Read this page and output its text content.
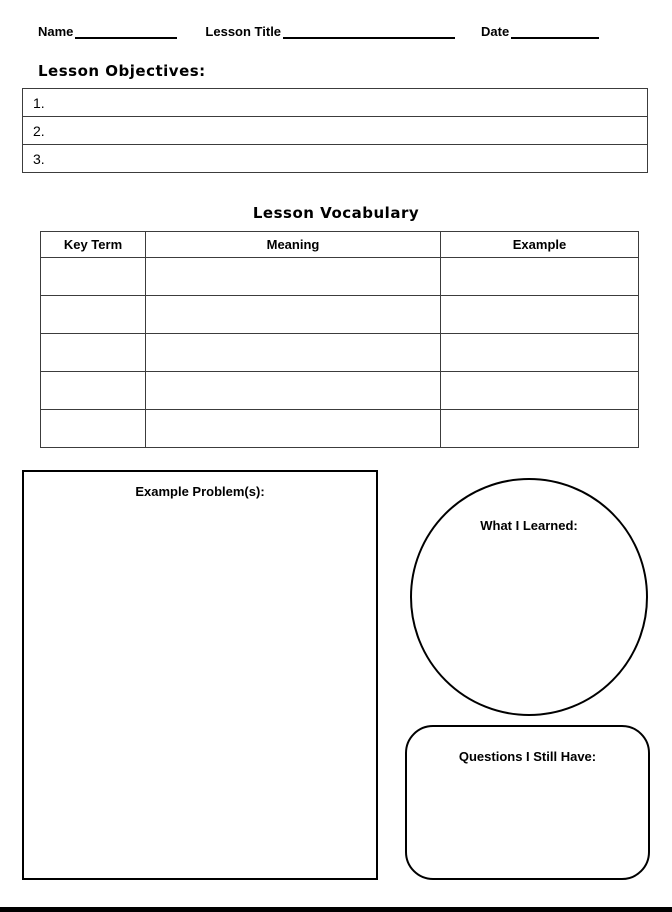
Name	Lesson Title	Date
Lesson Objectives:
1.
2.
3.
Lesson Vocabulary
Key Term	Meaning	Example

Example Problem(s):
What I Learned:
Questions I Still Have:
